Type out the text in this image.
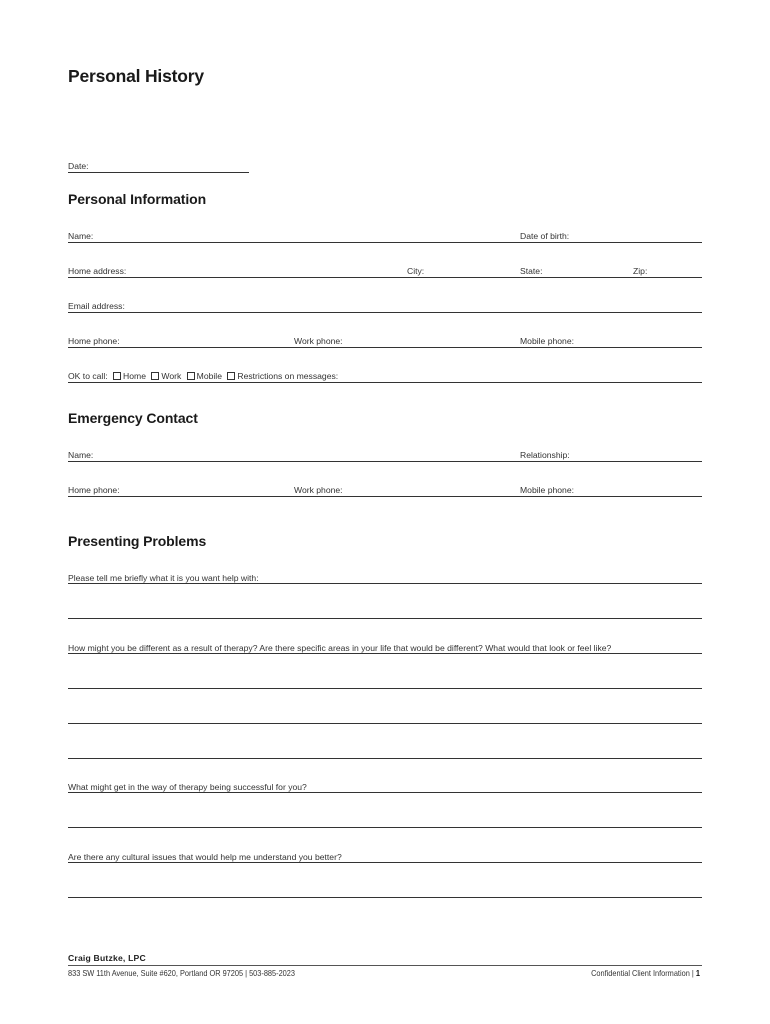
Personal History
Date:
Personal Information
Name:	Date of birth:
Home address:	City:	State:	Zip:
Email address:
Home phone:	Work phone:	Mobile phone:
OK to call: Home Work Mobile Restrictions on messages:
Emergency Contact
Name:	Relationship:
Home phone:	Work phone:	Mobile phone:
Presenting Problems
Please tell me briefly what it is you want help with:
How might you be different as a result of therapy? Are there specific areas in your life that would be different? What would that look or feel like?
What might get in the way of therapy being successful for you?
Are there any cultural issues that would help me understand you better?
Craig Butzke, LPC
833 SW 11th Avenue, Suite #620, Portland OR 97205 | 503-885-2023	Confidential Client Information | 1
